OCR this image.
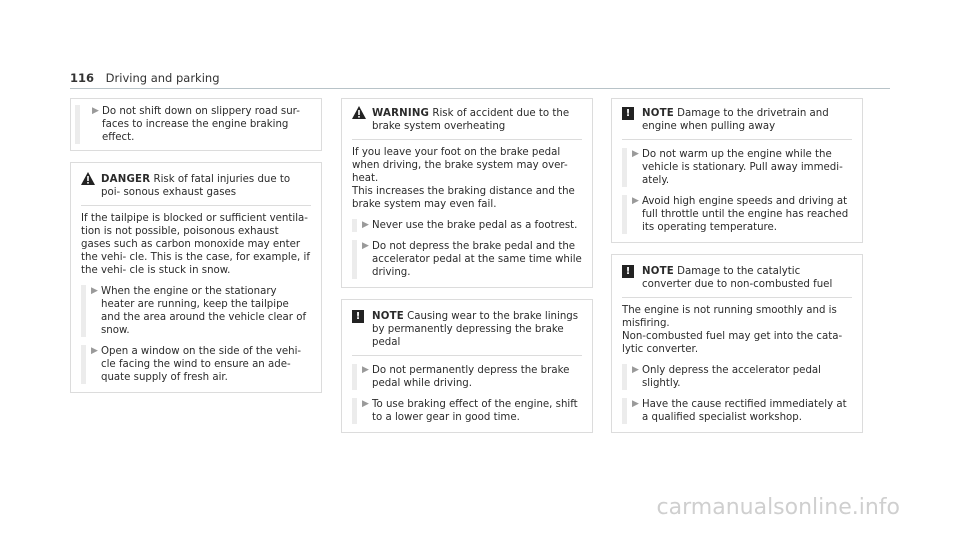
116 Driving and parking
▶ Do not shift down on slippery road sur- faces to increase the engine braking effect.
DANGER Risk of fatal injuries due to poi- sonous exhaust gases
If the tailpipe is blocked or sufficient ventila- tion is not possible, poisonous exhaust gases such as carbon monoxide may enter the vehi- cle. This is the case, for example, if the vehi- cle is stuck in snow.
▶ When the engine or the stationary heater are running, keep the tailpipe and the area around the vehicle clear of snow.
▶ Open a window on the side of the vehi- cle facing the wind to ensure an ade- quate supply of fresh air.
WARNING Risk of accident due to the brake system overheating
If you leave your foot on the brake pedal when driving, the brake system may over- heat.
This increases the braking distance and the brake system may even fail.
▶ Never use the brake pedal as a footrest.
▶ Do not depress the brake pedal and the accelerator pedal at the same time while driving.
!	NOTE Causing wear to the brake linings by permanently depressing the brake pedal
▶ Do not permanently depress the brake pedal while driving.
▶ To use braking effect of the engine, shift to a lower gear in good time.
!	NOTE Damage to the drivetrain and engine when pulling away
▶ Do not warm up the engine while the vehicle is stationary. Pull away immedi- ately.
▶ Avoid high engine speeds and driving at full throttle until the engine has reached its operating temperature.
!	NOTE Damage to the catalytic converter due to non-combusted fuel
The engine is not running smoothly and is misfiring.
Non-combusted fuel may get into the cata- lytic converter.
▶ Only depress the accelerator pedal slightly.
▶ Have the cause rectified immediately at a qualified specialist workshop.
carmanualsonline.info
